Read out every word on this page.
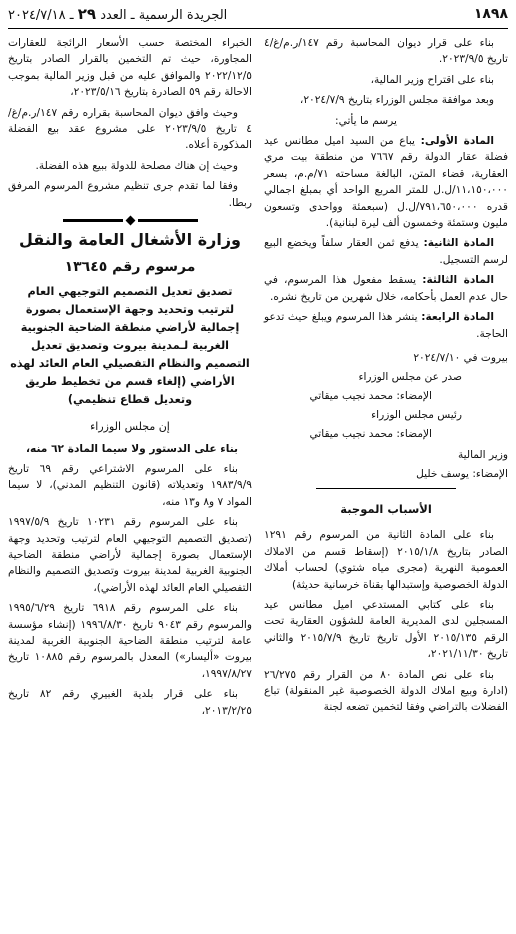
١٨٩٨
الجريدة الرسمية ـ العدد ٢٩ ـ ٢٠٢٤/٧/١٨

بناء على قرار ديوان المحاسبة رقم ١٤٧/ر.م/غ/٤ تاريخ ٢٠٢٣/٩/٥.

بناء على اقتراح وزير المالية،

وبعد موافقة مجلس الوزراء بتاريخ ٢٠٢٤/٧/٩،

يرسم ما يأتي:

المادة الأولى: يباع من السيد اميل مطانس عيد فضلة عقار الدولة رقم ٧٦٦٧ من منطقة بيت مري العقارية، قضاء المتن، البالغة مساحته ٧١/م.م، بسعر ١١،١٥٠،٠٠٠/ل.ل للمتر المربع الواحد أي بمبلغ اجمالي قدره ٧٩١،٦٥٠،٠٠٠/ل.ل (سبعمئة وواحدى وتسعون مليون وستمئة وخمسون ألف ليرة لبنانية).

المادة الثانية: يدفع ثمن العقار سلفاً ويخضع البيع لرسم التسجيل.

المادة الثالثة: يسقط مفعول هذا المرسوم، في حال عدم العمل بأحكامه، خلال شهرين من تاريخ نشره.

المادة الرابعة: ينشر هذا المرسوم ويبلغ حيث تدعو الحاجة.

بيروت في ٢٠٢٤/٧/١٠

صدر عن مجلس الوزراء

الإمضاء: محمد نجيب ميقاتي

رئيس مجلس الوزراء

الإمضاء: محمد نجيب ميقاتي

وزير المالية

الإمضاء: يوسف خليل

الأسباب الموجبة

بناء على المادة الثانية من المرسوم رقم ١٢٩١ الصادر بتاريخ ٢٠١٥/١/٨ (إسقاط قسم من الاملاك العمومية النهرية (مجرى مياه شتوي) لحساب أملاك الدولة الخصوصية وإستبدالها بقناة خرسانية حديثة)

بناء على كتابي المستدعي اميل مطانس عيد المسجلين لدى المديرية العامة للشؤون العقارية تحت الرقم ٢٠١٥/١٣٥ الأول تاريخ تاريخ ٢٠١٥/٧/٩ والثاني تاريخ ٢٠٢١/١١/٣٠،

بناء على نص المادة ٨٠ من القرار رقم ٢٦/٢٧٥ (ادارة وبيع املاك الدولة الخصوصية غير المنقولة) تباع الفضلات بالتراضي وفقا لتخمين تضعه لجنة

الخبراء المختصة حسب الأسعار الرائجة للعقارات المجاورة، حيث تم التخمين بالقرار الصادر بتاريخ ٢٠٢٢/١٢/٥ والموافق عليه من قبل وزير المالية بموجب الاحالة رقم ٥٩ الصادرة بتاريخ ٢٠٢٣/٥/١٦،

وحيث وافق ديوان المحاسبة بقراره رقم ١٤٧/ر.م/غ/٤ تاريخ ٢٠٢٣/٩/٥ على مشروع عقد بيع الفضلة المذكورة أعلاه.

وحيث إن هناك مصلحة للدولة ببيع هذه الفضلة.

وفقا لما تقدم جرى تنظيم مشروع المرسوم المرفق ربطا.

وزارة الأشغال العامة والنقل

مرسوم رقم ١٣٦٤٥

تصديق تعديل التصميم التوجيهي العام لترتيب وتحديد وجهة الإستعمال بصورة إجمالية لأراضي منطقة الضاحية الجنوبية الغربية لـمدينة بيروت وتصديق تعديل التصميم والنظام التفصيلي العام العائد لهذه الأراضي (إلغاء قسم من تخطيط طريق وتعديل قطاع تنظيمي)

إن مجلس الوزراء

بناء على الدستور ولا سيما المادة ٦٢ منه،

بناء على المرسوم الاشتراعي رقم ٦٩ تاريخ ١٩٨٣/٩/٩ وتعديلاته (قانون التنظيم المدني)، لا سيما المواد ٧ و٨ و١٣ منه،

بناء على المرسوم رقم ١٠٢٣١ تاريخ ١٩٩٧/٥/٩ (تصديق التصميم التوجيهي العام لترتيب وتحديد وجهة الإستعمال بصورة إجمالية لأراضي منطقة الضاحية الجنوبية الغربية لمدينة بيروت وتصديق التصميم والنظام التفصيلي العام العائد لهذه الأراضي)،

بناء على المرسوم رقم ٦٩١٨ تاريخ ١٩٩٥/٦/٢٩ والمرسوم رقم ٩٠٤٣ تاريخ ١٩٩٦/٨/٣٠ (إنشاء مؤسسة عامة لترتيب منطقة الضاحية الجنوبية الغربية لمدينة بيروت «أليسار») المعدل بالمرسوم رقم ١٠٨٨٥ تاريخ ١٩٩٧/٨/٢٧،

بناء على قرار بلدية الغبيري رقم ٨٢ تاريخ ٢٠١٣/٢/٢٥،
